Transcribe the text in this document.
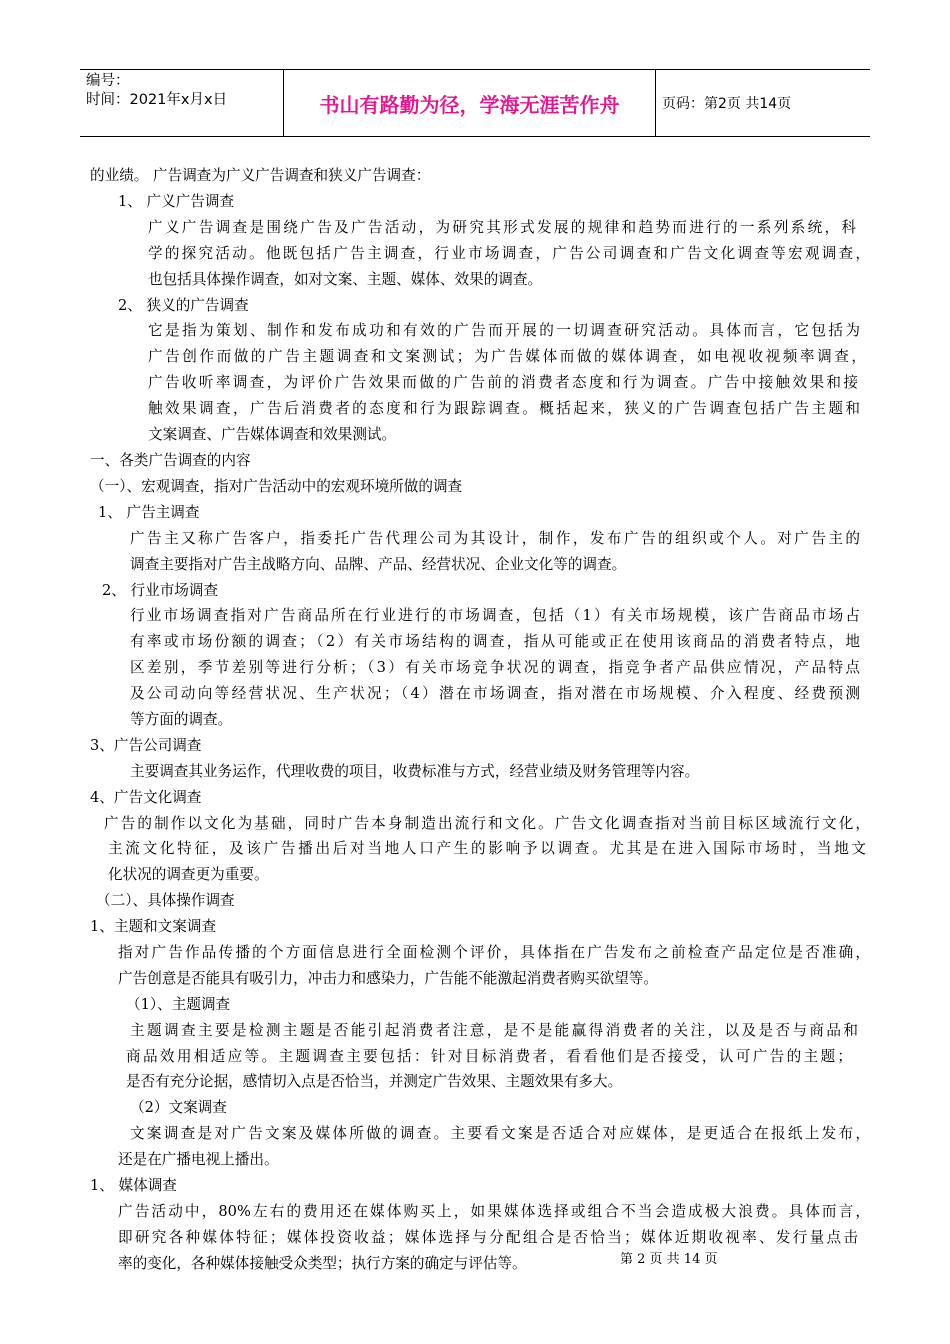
编号：
时间：2021年x月x日	书山有路勤为径，学海无涯苦作舟	页码：第2页 共14页
的业绩。 广告调查为广义广告调查和狭义广告调查：
1、 广义广告调查
广义广告调查是围绕广告及广告活动，为研究其形式发展的规律和趋势而进行的一系列系统，科
学的探究活动。他既包括广告主调查，行业市场调查，广告公司调查和广告文化调查等宏观调查，
也包括具体操作调查，如对文案、主题、媒体、效果的调查。
2、 狭义的广告调查
它是指为策划、制作和发布成功和有效的广告而开展的一切调查研究活动。具体而言，它包括为
广告创作而做的广告主题调查和文案测试；为广告媒体而做的媒体调查，如电视收视频率调查，
广告收听率调查，为评价广告效果而做的广告前的消费者态度和行为调查。广告中接触效果和接
触效果调查，广告后消费者的态度和行为跟踪调查。概括起来，狭义的广告调查包括广告主题和
文案调查、广告媒体调查和效果测试。
一、各类广告调查的内容
（一）、宏观调查，指对广告活动中的宏观环境所做的调查
1、 广告主调查
广告主又称广告客户，指委托广告代理公司为其设计，制作，发布广告的组织或个人。对广告主的
调查主要指对广告主战略方向、品牌、产品、经营状况、企业文化等的调查。
2、 行业市场调查
行业市场调查指对广告商品所在行业进行的市场调查，包括（1）有关市场规模，该广告商品市场占
有率或市场份额的调查；（2）有关市场结构的调查，指从可能或正在使用该商品的消费者特点，地
区差别，季节差别等进行分析；（3）有关市场竞争状况的调查，指竞争者产品供应情况，产品特点
及公司动向等经营状况、生产状况；（4）潜在市场调查，指对潜在市场规模、介入程度、经费预测
等方面的调查。
3、广告公司调查
主要调查其业务运作，代理收费的项目，收费标准与方式，经营业绩及财务管理等内容。
4、广告文化调查
广告的制作以文化为基础，同时广告本身制造出流行和文化。广告文化调查指对当前目标区域流行文化，
主流文化特征，及该广告播出后对当地人口产生的影响予以调查。尤其是在进入国际市场时，当地文
化状况的调查更为重要。
（二）、具体操作调查
1、主题和文案调查
指对广告作品传播的个方面信息进行全面检测个评价，具体指在广告发布之前检查产品定位是否准确，
广告创意是否能具有吸引力，冲击力和感染力，广告能不能激起消费者购买欲望等。
（1）、主题调查
主题调查主要是检测主题是否能引起消费者注意，是不是能赢得消费者的关注，以及是否与商品和
商品效用相适应等。主题调查主要包括：针对目标消费者，看看他们是否接受，认可广告的主题；
是否有充分论据，感情切入点是否恰当，并测定广告效果、主题效果有多大。
（2）文案调查
文案调查是对广告文案及媒体所做的调查。主要看文案是否适合对应媒体，是更适合在报纸上发布，
还是在广播电视上播出。
1、 媒体调查
广告活动中，80%左右的费用还在媒体购买上，如果媒体选择或组合不当会造成极大浪费。具体而言，
即研究各种媒体特征；媒体投资收益；媒体选择与分配组合是否恰当；媒体近期收视率、发行量点击
率的变化，各种媒体接触受众类型；执行方案的确定与评估等。	第 2 页 共 14 页
